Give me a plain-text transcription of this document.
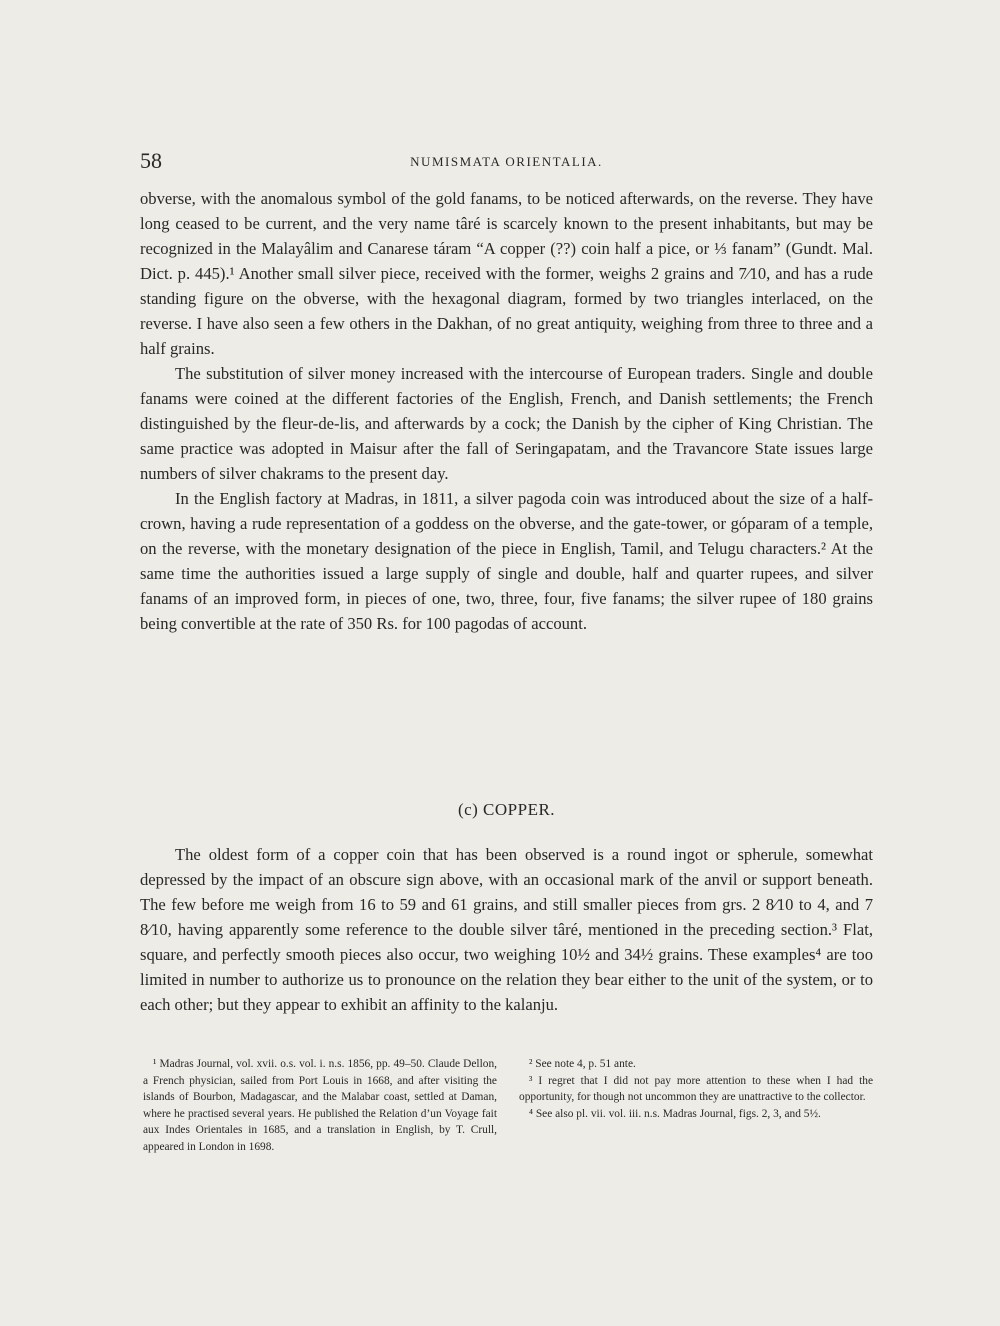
58	NUMISMATA ORIENTALIA.

obverse, with the anomalous symbol of the gold fanams, to be noticed afterwards, on the reverse. They have long ceased to be current, and the very name târé is scarcely known to the present inhabitants, but may be recognized in the Malayâlim and Canarese táram “A copper (??) coin half a pice, or ⅓ fanam” (Gundt. Mal. Dict. p. 445).¹ Another small silver piece, received with the former, weighs 2 grains and 7⁄10, and has a rude standing figure on the obverse, with the hexagonal diagram, formed by two triangles interlaced, on the reverse. I have also seen a few others in the Dakhan, of no great antiquity, weighing from three to three and a half grains.

The substitution of silver money increased with the intercourse of European traders. Single and double fanams were coined at the different factories of the English, French, and Danish settlements; the French distinguished by the fleur-de-lis, and afterwards by a cock; the Danish by the cipher of King Christian. The same practice was adopted in Maisur after the fall of Seringapatam, and the Travancore State issues large numbers of silver chakrams to the present day.

In the English factory at Madras, in 1811, a silver pagoda coin was introduced about the size of a half-crown, having a rude representation of a goddess on the obverse, and the gate-tower, or góparam of a temple, on the reverse, with the monetary designation of the piece in English, Tamil, and Telugu characters.² At the same time the authorities issued a large supply of single and double, half and quarter rupees, and silver fanams of an improved form, in pieces of one, two, three, four, five fanams; the silver rupee of 180 grains being convertible at the rate of 350 Rs. for 100 pagodas of account.

(c) COPPER.

The oldest form of a copper coin that has been observed is a round ingot or spherule, somewhat depressed by the impact of an obscure sign above, with an occasional mark of the anvil or support beneath. The few before me weigh from 16 to 59 and 61 grains, and still smaller pieces from grs. 2 8⁄10 to 4, and 7 8⁄10, having apparently some reference to the double silver târé, mentioned in the preceding section.³ Flat, square, and perfectly smooth pieces also occur, two weighing 10½ and 34½ grains. These examples⁴ are too limited in number to authorize us to pronounce on the relation they bear either to the unit of the system, or to each other; but they appear to exhibit an affinity to the kalanju.

¹ Madras Journal, vol. xvii. o.s. vol. i. n.s. 1856, pp. 49–50. Claude Dellon, a French physician, sailed from Port Louis in 1668, and after visiting the islands of Bourbon, Madagascar, and the Malabar coast, settled at Daman, where he practised several years. He published the Relation d’un Voyage fait aux Indes Orientales in 1685, and a translation in English, by T. Crull, appeared in London in 1698.

² See note 4, p. 51 ante.

³ I regret that I did not pay more attention to these when I had the opportunity, for though not uncommon they are unattractive to the collector.

⁴ See also pl. vii. vol. iii. n.s. Madras Journal, figs. 2, 3, and 5½.
